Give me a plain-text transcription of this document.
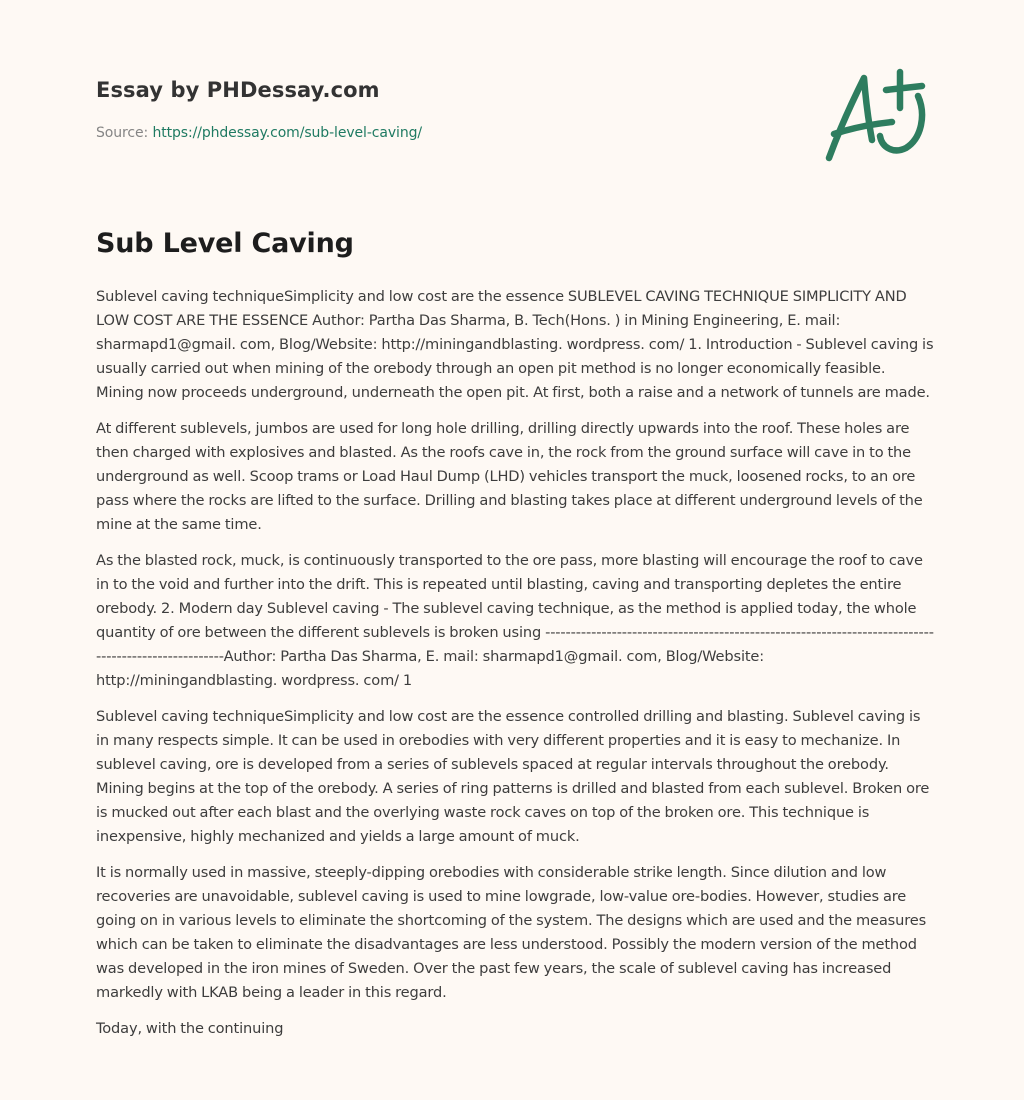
Essay by PHDessay.com
Source: https://phdessay.com/sub-level-caving/
Sub Level Caving

Sublevel caving techniqueSimplicity and low cost are the essence SUBLEVEL CAVING TECHNIQUE SIMPLICITY AND LOW COST ARE THE ESSENCE Author: Partha Das Sharma, B. Tech(Hons. ) in Mining Engineering, E. mail: sharmapd1@gmail. com, Blog/Website: http://miningandblasting. wordpress. com/ 1. Introduction - Sublevel caving is usually carried out when mining of the orebody through an open pit method is no longer economically feasible. Mining now proceeds underground, underneath the open pit. At first, both a raise and a network of tunnels are made.

At different sublevels, jumbos are used for long hole drilling, drilling directly upwards into the roof. These holes are then charged with explosives and blasted. As the roofs cave in, the rock from the ground surface will cave in to the underground as well. Scoop trams or Load Haul Dump (LHD) vehicles transport the muck, loosened rocks, to an ore pass where the rocks are lifted to the surface. Drilling and blasting takes place at different underground levels of the mine at the same time.

As the blasted rock, muck, is continuously transported to the ore pass, more blasting will encourage the roof to cave in to the void and further into the drift. This is repeated until blasting, caving and transporting depletes the entire orebody. 2. Modern day Sublevel caving - The sublevel caving technique, as the method is applied today, the whole quantity of ore between the different sublevels is broken using -----------------------------------------------------------------------------------------------------Author: Partha Das Sharma, E. mail: sharmapd1@gmail. com, Blog/Website: http://miningandblasting. wordpress. com/ 1

Sublevel caving techniqueSimplicity and low cost are the essence controlled drilling and blasting. Sublevel caving is in many respects simple. It can be used in orebodies with very different properties and it is easy to mechanize. In sublevel caving, ore is developed from a series of sublevels spaced at regular intervals throughout the orebody. Mining begins at the top of the orebody. A series of ring patterns is drilled and blasted from each sublevel. Broken ore is mucked out after each blast and the overlying waste rock caves on top of the broken ore. This technique is inexpensive, highly mechanized and yields a large amount of muck.

It is normally used in massive, steeply-dipping orebodies with considerable strike length. Since dilution and low recoveries are unavoidable, sublevel caving is used to mine lowgrade, low-value ore-bodies. However, studies are going on in various levels to eliminate the shortcoming of the system. The designs which are used and the measures which can be taken to eliminate the disadvantages are less understood. Possibly the modern version of the method was developed in the iron mines of Sweden. Over the past few years, the scale of sublevel caving has increased markedly with LKAB being a leader in this regard.

Today, with the continuing
